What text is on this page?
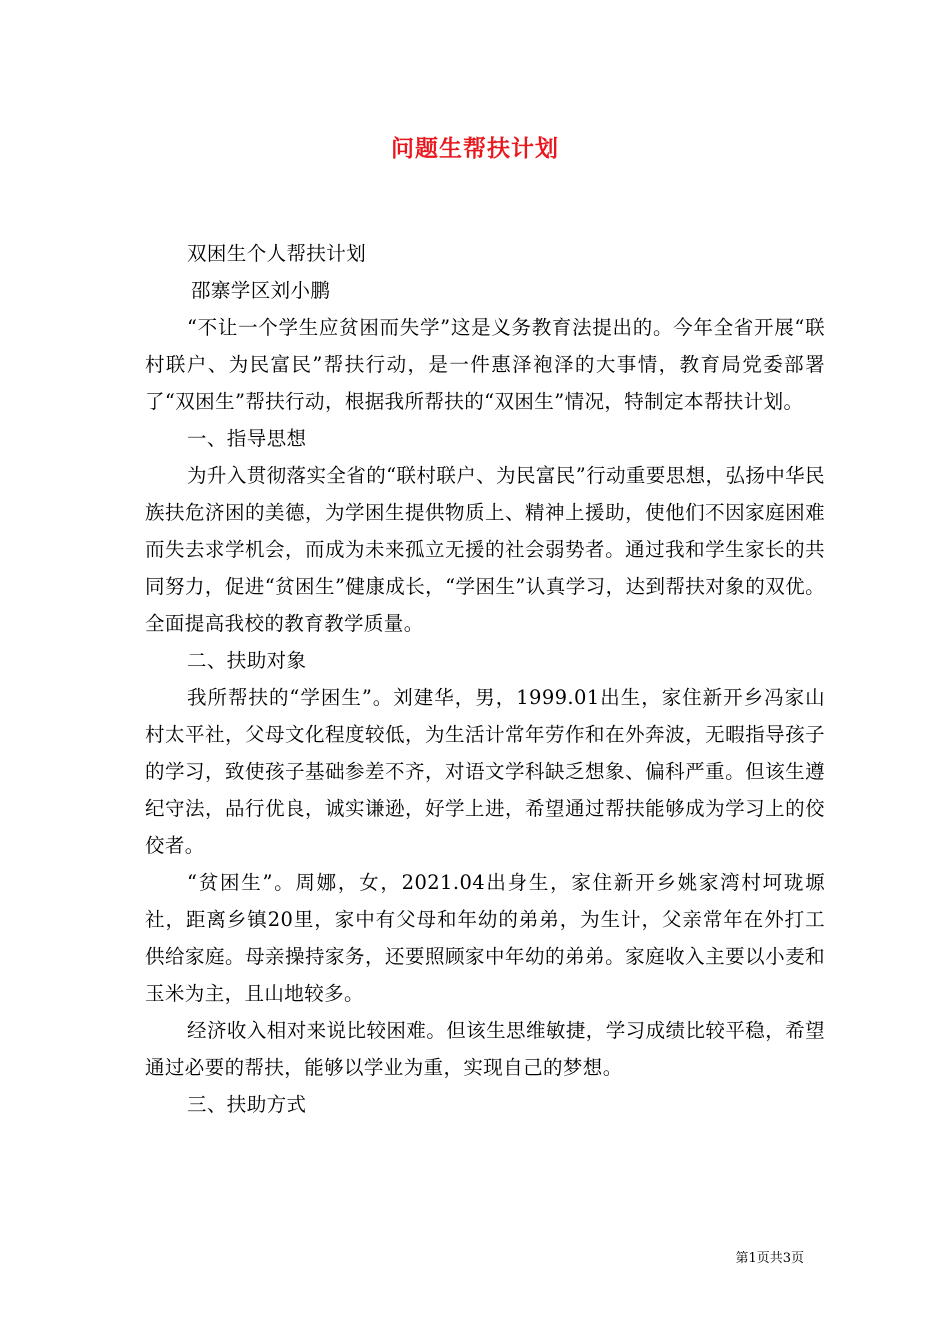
问题生帮扶计划

双困生个人帮扶计划

邵寨学区刘小鹏

“不让一个学生应贫困而失学”这是义务教育法提出的。今年全省开展“联村联户、为民富民”帮扶行动，是一件惠泽袍泽的大事情，教育局党委部署了“双困生”帮扶行动，根据我所帮扶的“双困生”情况，特制定本帮扶计划。

一、指导思想

为升入贯彻落实全省的“联村联户、为民富民”行动重要思想，弘扬中华民族扶危济困的美德，为学困生提供物质上、精神上援助，使他们不因家庭困难而失去求学机会，而成为未来孤立无援的社会弱势者。通过我和学生家长的共同努力，促进“贫困生”健康成长，“学困生”认真学习，达到帮扶对象的双优。全面提高我校的教育教学质量。

二、扶助对象

我所帮扶的“学困生”。刘建华，男，1999.01出生，家住新开乡冯家山村太平社，父母文化程度较低，为生活计常年劳作和在外奔波，无暇指导孩子的学习，致使孩子基础参差不齐，对语文学科缺乏想象、偏科严重。但该生遵纪守法，品行优良，诚实谦逊，好学上进，希望通过帮扶能够成为学习上的佼佼者。

“贫困生”。周娜，女，2021.04出身生，家住新开乡姚家湾村坷珑塬社，距离乡镇20里，家中有父母和年幼的弟弟，为生计，父亲常年在外打工供给家庭。母亲操持家务，还要照顾家中年幼的弟弟。家庭收入主要以小麦和玉米为主，且山地较多。

经济收入相对来说比较困难。但该生思维敏捷，学习成绩比较平稳，希望通过必要的帮扶，能够以学业为重，实现自己的梦想。

三、扶助方式

第1页共3页
